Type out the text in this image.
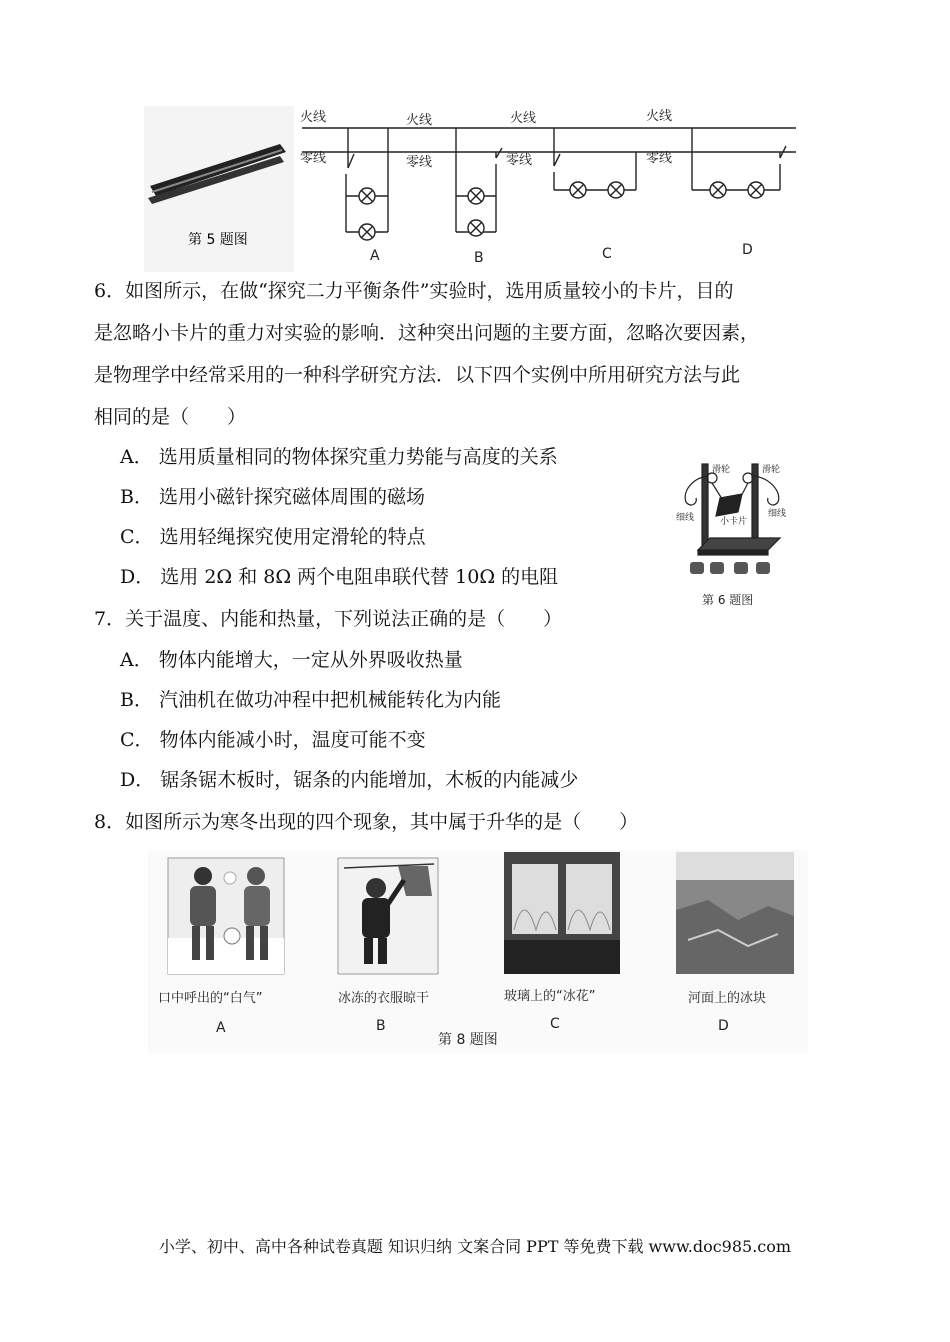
第 5 题图
火线
零线
火线
零线
火线
零线
火线
零线
A	B	C	D
6．如图所示，在做“探究二力平衡条件”实验时，选用质量较小的卡片，目的
是忽略小卡片的重力对实验的影响．这种突出问题的主要方面，忽略次要因素，
是物理学中经常采用的一种科学研究方法．以下四个实例中所用研究方法与此
相同的是（　　）
A． 选用质量相同的物体探究重力势能与高度的关系
B． 选用小磁针探究磁体周围的磁场
C． 选用轻绳探究使用定滑轮的特点
D． 选用 2Ω 和 8Ω 两个电阻串联代替 10Ω 的电阻
滑轮	滑轮
细线	细线
小卡片
第 6 题图
7．关于温度、内能和热量，下列说法正确的是（　　）
A． 物体内能增大，一定从外界吸收热量
B． 汽油机在做功冲程中把机械能转化为内能
C． 物体内能减小时，温度可能不变
D． 锯条锯木板时，锯条的内能增加，木板的内能减少
8．如图所示为寒冬出现的四个现象，其中属于升华的是（　　）
口中呼出的“白气”
A
冰冻的衣服晾干
B
玻璃上的“冰花”
C
河面上的冰块
D
第 8 题图
小学、初中、高中各种试卷真题 知识归纳 文案合同 PPT 等免费下载 www.doc985.com
